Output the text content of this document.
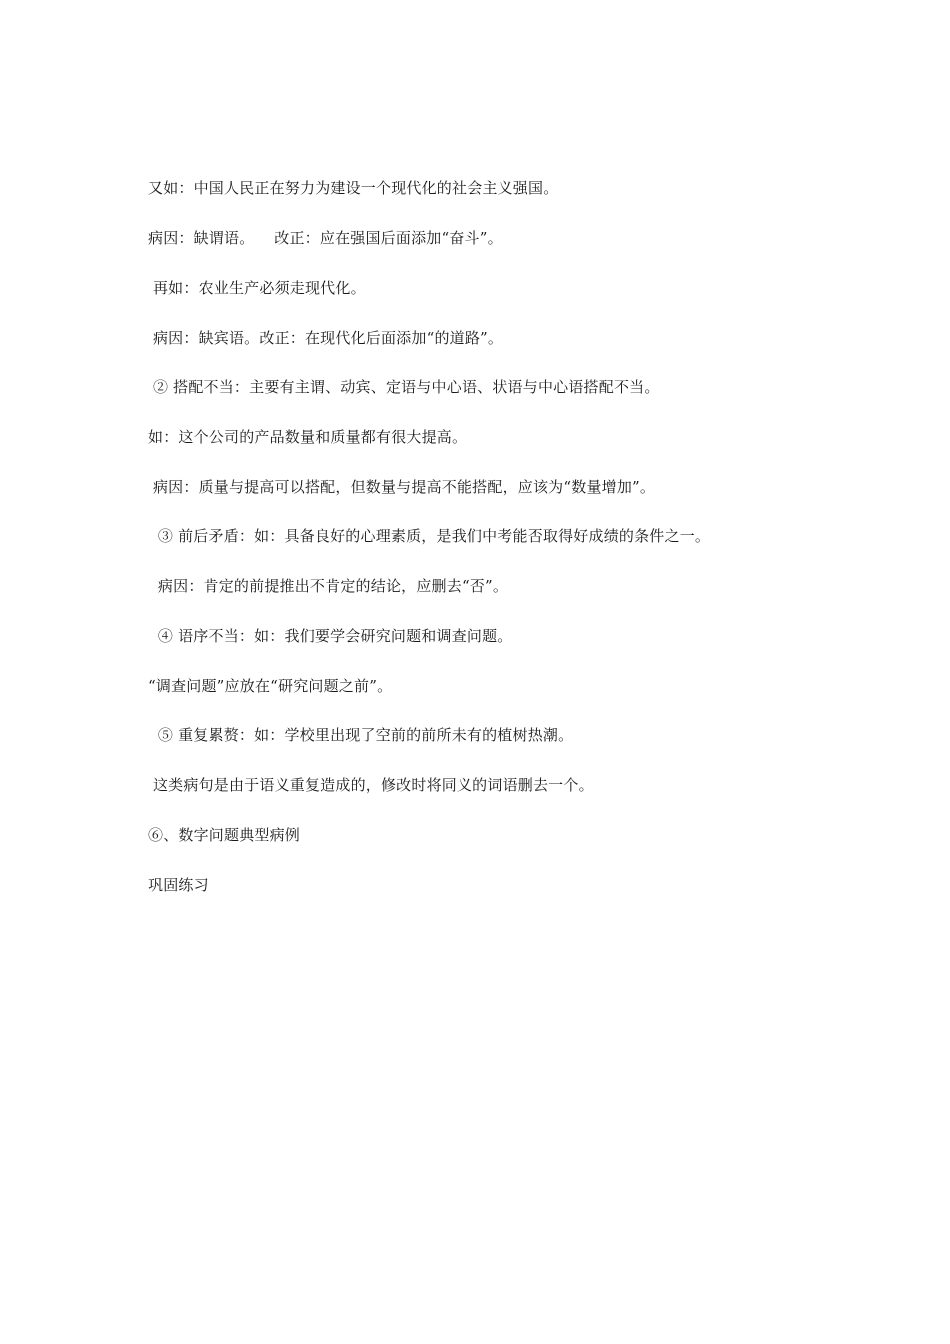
又如：中国人民正在努力为建设一个现代化的社会主义强国。
病因：缺谓语。    改正：应在强国后面添加“奋斗”。
再如：农业生产必须走现代化。
病因：缺宾语。改正：在现代化后面添加“的道路”。
② 搭配不当：主要有主谓、动宾、定语与中心语、状语与中心语搭配不当。
如：这个公司的产品数量和质量都有很大提高。
病因：质量与提高可以搭配，但数量与提高不能搭配，应该为“数量增加”。
③ 前后矛盾：如：具备良好的心理素质，是我们中考能否取得好成绩的条件之一。
病因：肯定的前提推出不肯定的结论，应删去“否”。
④ 语序不当：如：我们要学会研究问题和调查问题。
“调查问题”应放在“研究问题之前”。
⑤ 重复累赘：如：学校里出现了空前的前所未有的植树热潮。
这类病句是由于语义重复造成的，修改时将同义的词语删去一个。
⑥、数字问题典型病例
巩固练习
